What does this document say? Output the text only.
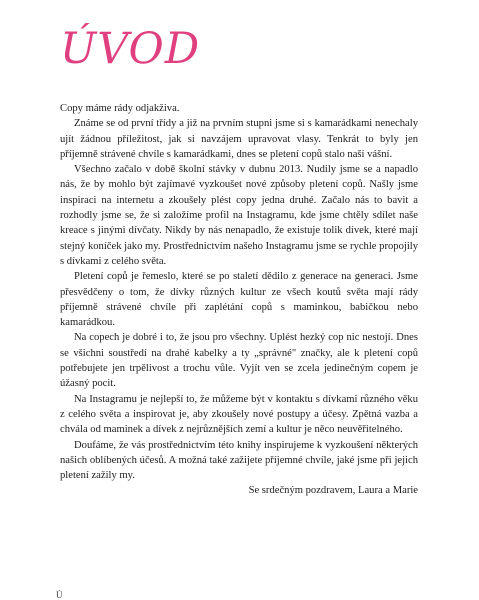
ÚVOD

Copy máme rády odjakživa.

Známe se od první třídy a již na prvním stupni jsme si s kamarádkami nenechaly ujít žádnou příležitost, jak si navzájem upravovat vlasy. Tenkrát to byly jen příjemně strávené chvíle s kamarádkami, dnes se pletení copů stalo naší vášní.

Všechno začalo v době školní stávky v dubnu 2013. Nudily jsme se a napadlo nás, že by mohlo být zajímavé vyzkoušet nové způsoby pletení copů. Našly jsme inspiraci na internetu a zkoušely plést copy jedna druhé. Začalo nás to bavit a rozhodly jsme se, že si založíme profil na Instagramu, kde jsme chtěly sdílet naše kreace s jinými dívčaty. Nikdy by nás nenapadlo, že existuje tolik dívek, které mají stejný koníček jako my. Prostřednictvím našeho Instagramu jsme se rychle propojily s dívkami z celého světa.

Pletení copů je řemeslo, které se po staletí dědilo z generace na generaci. Jsme přesvědčeny o tom, že dívky různých kultur ze všech koutů světa mají rády příjemně strávené chvíle při zaplétání copů s maminkou, babičkou nebo kamarádkou.

Na copech je dobré i to, že jsou pro všechny. Uplést hezký cop nic nestojí. Dnes se všichni soustředí na drahé kabelky a ty „správné" značky, ale k pletení copů potřebujete jen trpělivost a trochu vůle. Vyjít ven se zcela jedinečným copem je úžasný pocit.

Na Instagramu je nejlepší to, že můžeme být v kontaktu s dívkami různého věku z celého světa a inspirovat je, aby zkoušely nové postupy a účesy. Zpětná vazba a chvála od maminek a dívek z nejrůznějších zemí a kultur je něco neuvěřitelného.

Doufáme, že vás prostřednictvím této knihy inspirujeme k vyzkoušení některých našich oblíbených účesů. A možná také zažijete příjemné chvíle, jaké jsme při jejich pletení zažily my.

Se srdečným pozdravem, Laura a Marie

Ú
